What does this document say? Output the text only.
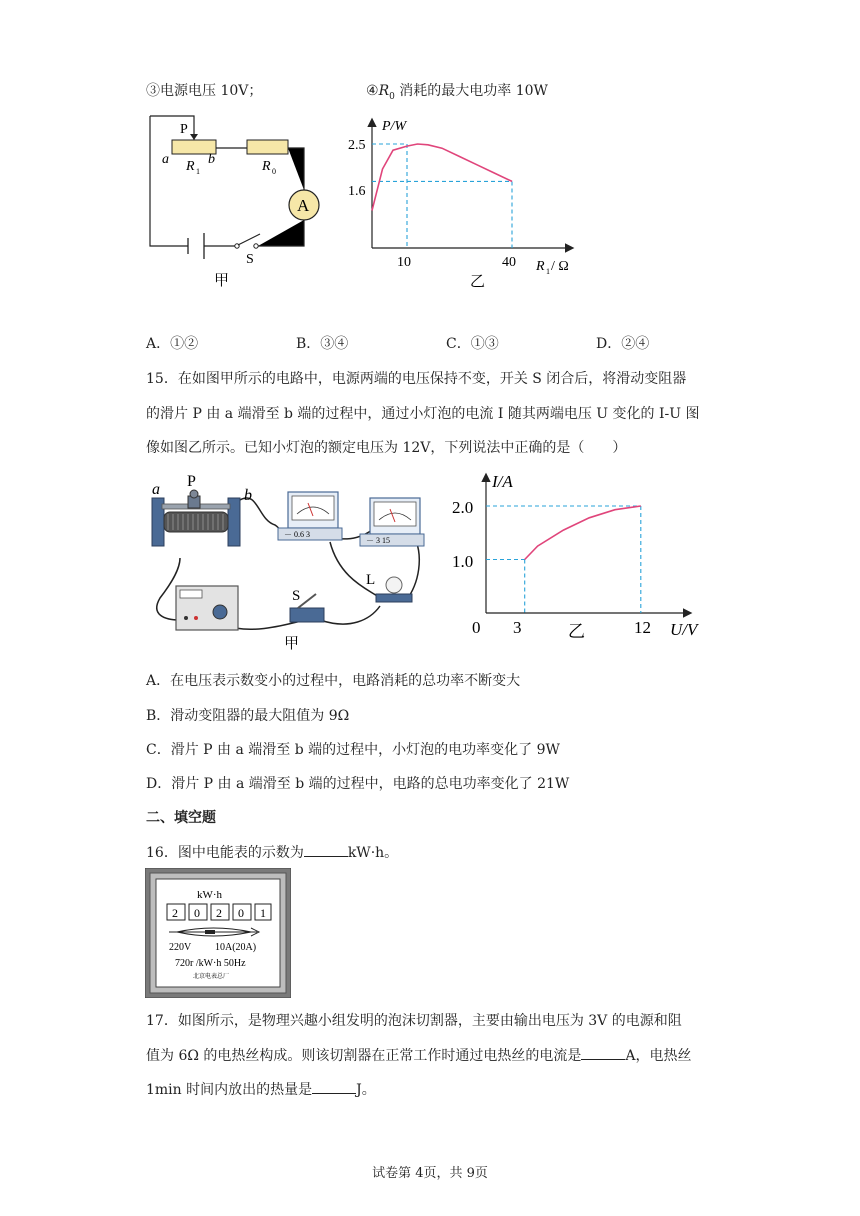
③电源电压 10V；	$④R_0$ 消耗的最大电功率 10W
A
P
a R 1
b	R 0
S
甲
P/W
2.5
1.6
10	40 R 1 / Ω
乙
A．①②	B．③④	C．①③	D．②④
15．在如图甲所示的电路中，电源两端的电压保持不变，开关 S 闭合后，将滑动变阻器
的滑片 P 由 a 端滑至 b 端的过程中，通过小灯泡的电流 I 随其两端电压 U 变化的 I-U 图
像如图乙所示。已知小灯泡的额定电压为 12V，下列说法中正确的是（　　）
a P
b
－ 0.6 3
－ 3 15
L
S
甲
I/A
2.0
1.0
0 3	12 U/V
乙
A．在电压表示数变小的过程中，电路消耗的总功率不断变大
B．滑动变阻器的最大阻值为 9Ω
C．滑片 P 由 a 端滑至 b 端的过程中，小灯泡的电功率变化了 9W
D．滑片 P 由 a 端滑至 b 端的过程中，电路的总电功率变化了 21W
二、填空题
16．图中电能表的示数为	kW·h。
kW·h
2 0 2 0 1
220V 10A(20A)
720r /kW·h 50Hz
北京电表总厂
17．如图所示，是物理兴趣小组发明的泡沫切割器，主要由输出电压为 3V 的电源和阻
值为 6Ω 的电热丝构成。则该切割器在正常工作时通过电热丝的电流是	A，电热丝
1min 时间内放出的热量是	J。
试卷第 4页，共 9页
